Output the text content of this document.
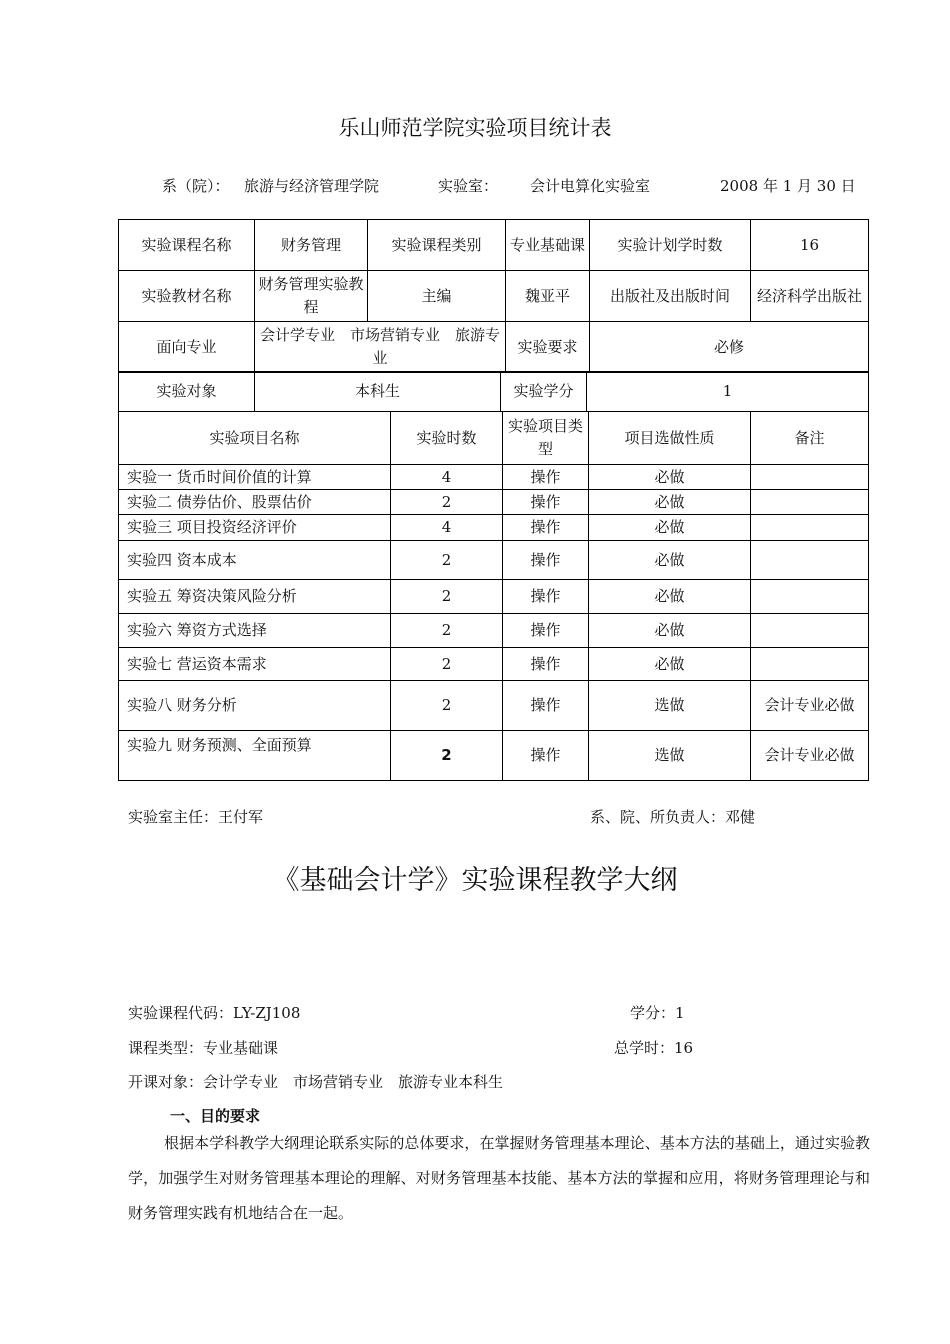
乐山师范学院实验项目统计表
系（院）： 旅游与经济管理学院	实验室： 会计电算化实验室	2008 年 1 月 30 日
实验课程名称	财务管理	实验课程类别	专业基础课	实验计划学时数	16
实验教材名称	财务管理实验教程	主编	魏亚平	出版社及出版时间	经济科学出版社
面向专业	会计学专业　市场营销专业　旅游专业		实验要求	必修	
实验对象	本科生	实验学分	1
实验项目名称	实验时数	实验项目类型	项目选做性质	备注
实验一 货币时间价值的计算	4	操作	必做	
实验二 债券估价、股票估价	2	操作	必做	
实验三 项目投资经济评价	4	操作	必做	
实验四 资本成本	2	操作	必做	
实验五 筹资决策风险分析	2	操作	必做	
实验六 筹资方式选择	2	操作	必做	
实验七 营运资本需求	2	操作	必做	
实验八 财务分析	2	操作	选做	会计专业必做
实验九 财务预测、全面预算	2	操作	选做	会计专业必做
实验室主任：王付军	系、院、所负责人：邓健
《基础会计学》实验课程教学大纲
实验课程代码：LY-ZJ108	学分：1
课程类型：专业基础课	总学时：16
开课对象：会计学专业　市场营销专业　旅游专业本科生
一、目的要求
根据本学科教学大纲理论联系实际的总体要求，在掌握财务管理基本理论、基本方法的基础上，通过实验教学，加强学生对财务管理基本理论的理解、对财务管理基本技能、基本方法的掌握和应用，将财务管理理论与和财务管理实践有机地结合在一起。
